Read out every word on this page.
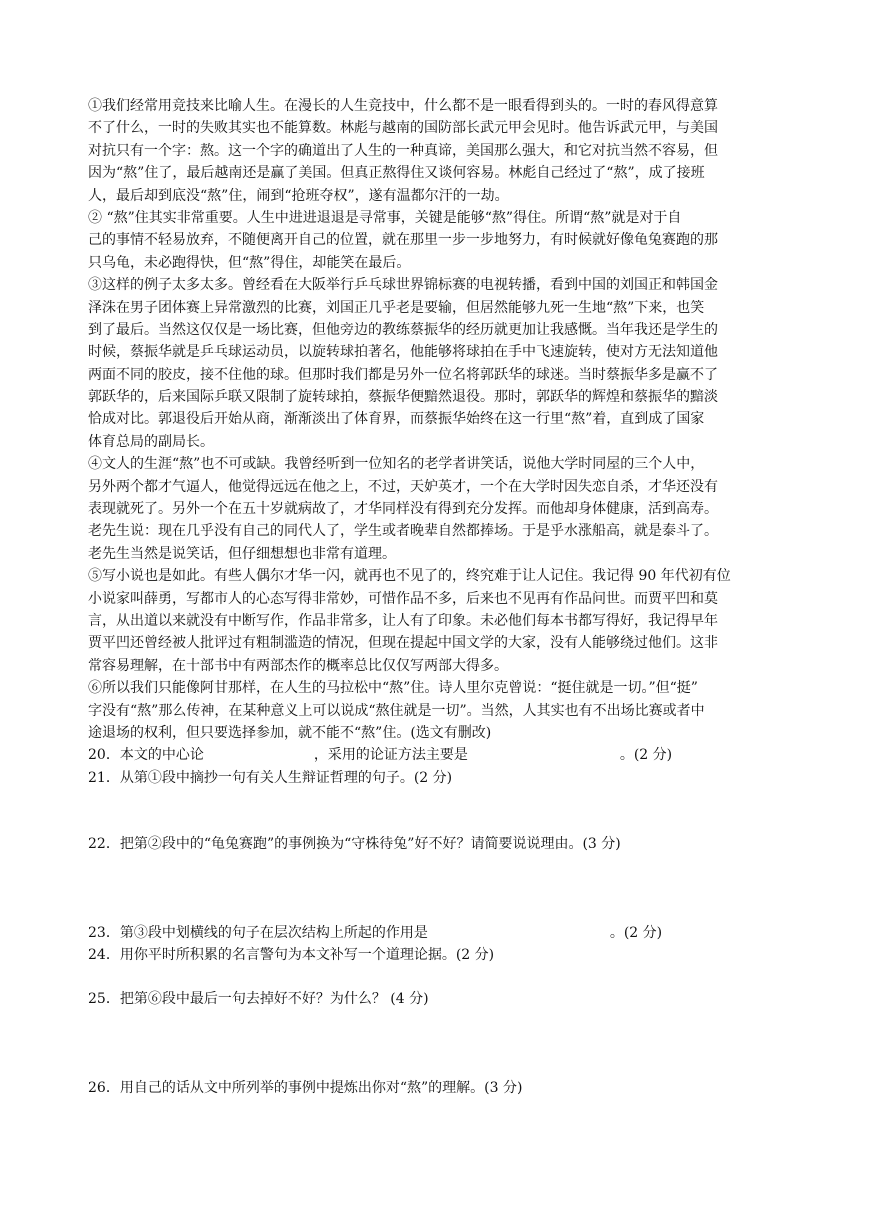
①我们经常用竞技来比喻人生。在漫长的人生竞技中，什么都不是一眼看得到头的。一时的春风得意算
不了什么，一时的失败其实也不能算数。林彪与越南的国防部长武元甲会见时。他告诉武元甲，与美国
对抗只有一个字：熬。这一个字的确道出了人生的一种真谛，美国那么强大，和它对抗当然不容易，但
因为“熬”住了，最后越南还是赢了美国。但真正熬得住又谈何容易。林彪自己经过了“熬”，成了接班
人，最后却到底没“熬”住，闹到“抢班夺权”，遂有温都尔汗的一劫。
② “熬”住其实非常重要。人生中进进退退是寻常事，关键是能够“熬”得住。所谓“熬”就是对于自
己的事情不轻易放弃，不随便离开自己的位置，就在那里一步一步地努力，有时候就好像龟兔赛跑的那
只乌龟，未必跑得快，但“熬”得住，却能笑在最后。
③这样的例子太多太多。曾经看在大阪举行乒乓球世界锦标赛的电视转播，看到中国的刘国正和韩国金
泽洙在男子团体赛上异常激烈的比赛，刘国正几乎老是要输，但居然能够九死一生地“熬”下来，也笑
到了最后。当然这仅仅是一场比赛，但他旁边的教练蔡振华的经历就更加让我感慨。当年我还是学生的
时候，蔡振华就是乒乓球运动员，以旋转球拍著名，他能够将球拍在手中飞速旋转，使对方无法知道他
两面不同的胶皮，接不住他的球。但那时我们都是另外一位名将郭跃华的球迷。当时蔡振华多是赢不了
郭跃华的，后来国际乒联又限制了旋转球拍，蔡振华便黯然退役。那时，郭跃华的辉煌和蔡振华的黯淡
恰成对比。郭退役后开始从商，渐渐淡出了体育界，而蔡振华始终在这一行里“熬”着，直到成了国家
体育总局的副局长。
④文人的生涯“熬”也不可或缺。我曾经听到一位知名的老学者讲笑话，说他大学时同屋的三个人中，
另外两个都才气逼人，他觉得远远在他之上，不过，天妒英才，一个在大学时因失恋自杀，才华还没有
表现就死了。另外一个在五十岁就病故了，才华同样没有得到充分发挥。而他却身体健康，活到高寿。
老先生说：现在几乎没有自己的同代人了，学生或者晚辈自然都捧场。于是乎水涨船高，就是泰斗了。
老先生当然是说笑话，但仔细想想也非常有道理。
⑤写小说也是如此。有些人偶尔才华一闪，就再也不见了的，终究难于让人记住。我记得 90 年代初有位
小说家叫薛勇，写都市人的心态写得非常妙，可惜作品不多，后来也不见再有作品问世。而贾平凹和莫
言，从出道以来就没有中断写作，作品非常多，让人有了印象。未必他们每本书都写得好，我记得早年
贾平凹还曾经被人批评过有粗制滥造的情况，但现在提起中国文学的大家，没有人能够绕过他们。这非
常容易理解，在十部书中有两部杰作的概率总比仅仅写两部大得多。
⑥所以我们只能像阿甘那样，在人生的马拉松中“熬”住。诗人里尔克曾说：“挺住就是一切。”但“挺”
字没有“熬”那么传神，在某种意义上可以说成“熬住就是一切”。当然，人其实也有不出场比赛或者中
途退场的权利，但只要选择参加，就不能不“熬”住。(选文有删改)
20．本文的中心论	，采用的论证方法主要是	。(2 分)
21．从第①段中摘抄一句有关人生辩证哲理的句子。(2 分)
22．把第②段中的“龟兔赛跑”的事例换为“守株待兔”好不好？请简要说说理由。(3 分)
23．第③段中划横线的句子在层次结构上所起的作用是	。(2 分)
24．用你平时所积累的名言警句为本文补写一个道理论据。(2 分)
25．把第⑥段中最后一句去掉好不好？为什么？ (4 分)
26．用自己的话从文中所列举的事例中提炼出你对“熬”的理解。(3 分)
